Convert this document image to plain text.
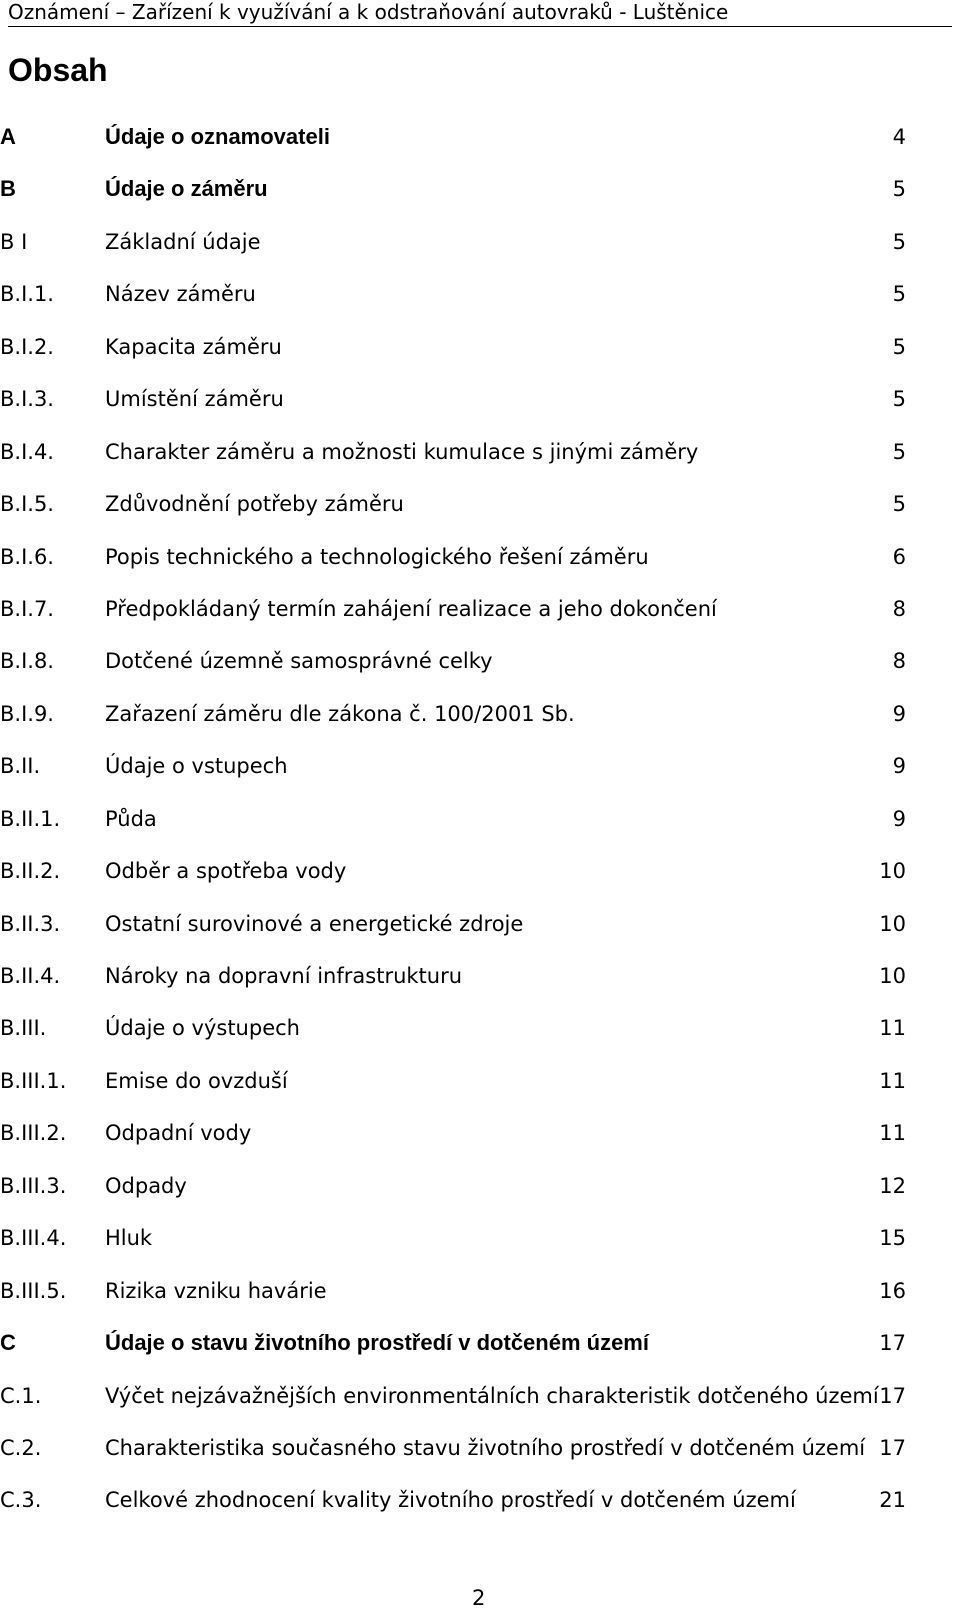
Oznámení – Zařízení k využívání a k odstraňování autovraků - Luštěnice
Obsah
A	Údaje o oznamovateli	4
B	Údaje o záměru	5
B I	Základní údaje	5
B.I.1. Název záměru	5
B.I.2. Kapacita záměru	5
B.I.3. Umístění záměru	5
B.I.4. Charakter záměru a možnosti kumulace s jinými záměry	5
B.I.5. Zdůvodnění potřeby záměru	5
B.I.6. Popis technického a technologického řešení záměru	6
B.I.7. Předpokládaný termín zahájení realizace a jeho dokončení	8
B.I.8. Dotčené územně samosprávné celky	8
B.I.9. Zařazení záměru dle zákona č. 100/2001 Sb.	9
B.II.	Údaje o vstupech	9
B.II.1. Půda	9
B.II.2. Odběr a spotřeba vody	10
B.II.3. Ostatní surovinové a energetické zdroje	10
B.II.4. Nároky na dopravní infrastrukturu	10
B.III.	Údaje o výstupech	11
B.III.1. Emise do ovzduší	11
B.III.2. Odpadní vody	11
B.III.3. Odpady	12
B.III.4. Hluk	15
B.III.5. Rizika vzniku havárie	16
C	Údaje o stavu životního prostředí v dotčeném území	17
C.1.	Výčet nejzávažnějších environmentálních charakteristik dotčeného území 17
C.2.	Charakteristika současného stavu životního prostředí v dotčeném území 17
C.3.	Celkové zhodnocení kvality životního prostředí v dotčeném území	21
2
